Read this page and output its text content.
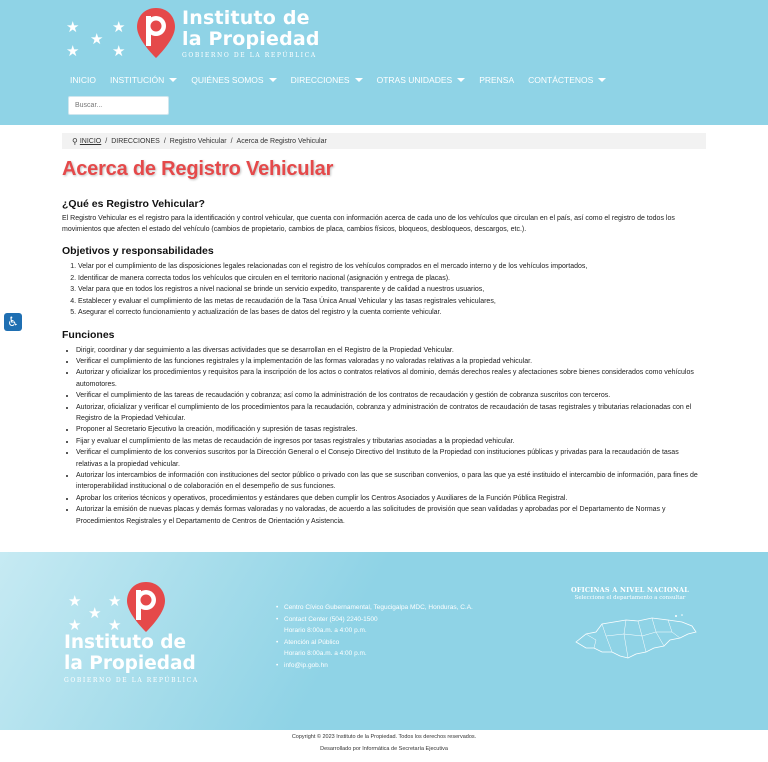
★
★
★
★ ★
Instituto de
la Propiedad
GOBIERNO DE LA REPÚBLICA
INICIO INSTITUCIÓN	QUIÉNES SOMOS	DIRECCIONES	OTRAS UNIDADES	PRENSA CONTÁCTENOS
Buscar...
♿
⚲ INICIO / DIRECCIONES / Registro Vehicular / Acerca de Registro Vehicular
Acerca de Registro Vehicular
¿Qué es Registro Vehicular?

El Registro Vehicular es el registro para la identificación y control vehicular, que cuenta con información acerca de cada uno de los vehículos que circulan en el país, así como el registro de todos los movimientos que afecten el estado del vehículo (cambios de propietario, cambios de placa, cambios físicos, bloqueos, desbloqueos, descargos, etc.).

Objetivos y responsabilidades
1. Velar por el cumplimiento de las disposiciones legales relacionadas con el registro de los vehículos comprados en el mercado interno y de los vehículos importados,
2. Identificar de manera correcta todos los vehículos que circulen en el territorio nacional (asignación y entrega de placas).
3. Velar para que en todos los registros a nivel nacional se brinde un servicio expedito, transparente y de calidad a nuestros usuarios,
4. Establecer y evaluar el cumplimiento de las metas de recaudación de la Tasa Única Anual Vehicular y las tasas registrales vehiculares,
5. Asegurar el correcto funcionamiento y actualización de las bases de datos del registro y la cuenta corriente vehicular.
Funciones
• Dirigir, coordinar y dar seguimiento a las diversas actividades que se desarrollan en el Registro de la Propiedad Vehicular.
• Verificar el cumplimiento de las funciones registrales y la implementación de las formas valoradas y no valoradas relativas a la propiedad vehicular.
• Autorizar y oficializar los procedimientos y requisitos para la inscripción de los actos o contratos relativos al dominio, demás derechos reales y afectaciones sobre bienes considerados como vehículos automotores.
• Verificar el cumplimiento de las tareas de recaudación y cobranza; así como la administración de los contratos de recaudación y gestión de cobranza suscritos con terceros.
• Autorizar, oficializar y verificar el cumplimiento de los procedimientos para la recaudación, cobranza y administración de contratos de recaudación de tasas registrales y tributarias relacionadas con el Registro de la Propiedad Vehicular.
• Proponer al Secretario Ejecutivo la creación, modificación y supresión de tasas registrales.
• Fijar y evaluar el cumplimiento de las metas de recaudación de ingresos por tasas registrales y tributarias asociadas a la propiedad vehicular.
• Verificar el cumplimiento de los convenios suscritos por la Dirección General o el Consejo Directivo del Instituto de la Propiedad con instituciones públicas y privadas para la recaudación de tasas relativas a la propiedad vehicular.
• Autorizar los intercambios de información con instituciones del sector público o privado con las que se suscriban convenios, o para las que ya esté instituido el intercambio de información, para fines de interoperabilidad institucional o de colaboración en el desempeño de sus funciones.
• Aprobar los criterios técnicos y operativos, procedimientos y estándares que deben cumplir los Centros Asociados y Auxiliares de la Función Pública Registral.
• Autorizar la emisión de nuevas placas y demás formas valoradas y no valoradas, de acuerdo a las solicitudes de provisión que sean validadas y aprobadas por el Departamento de Normas y Procedimientos Registrales y el Departamento de Centros de Orientación y Asistencia.
★
★
★
★ ★
Instituto de
la Propiedad
GOBIERNO DE LA REPÚBLICA
• Centro Cívico Gubernamental, Tegucigalpa MDC, Honduras, C.A.
• Contact Center (504) 2240-1500
Horario 8:00a.m. a 4:00 p.m.
• Atención al Público
Horario 8:00a.m. a 4:00 p.m.
• info@ip.gob.hn
OFICINAS A NIVEL NACIONAL
Seleccione el departamento a consultar
Copyright © 2023 Instituto de la Propiedad. Todos los derechos reservados.
Desarrollado por Informática de Secretaría Ejecutiva
